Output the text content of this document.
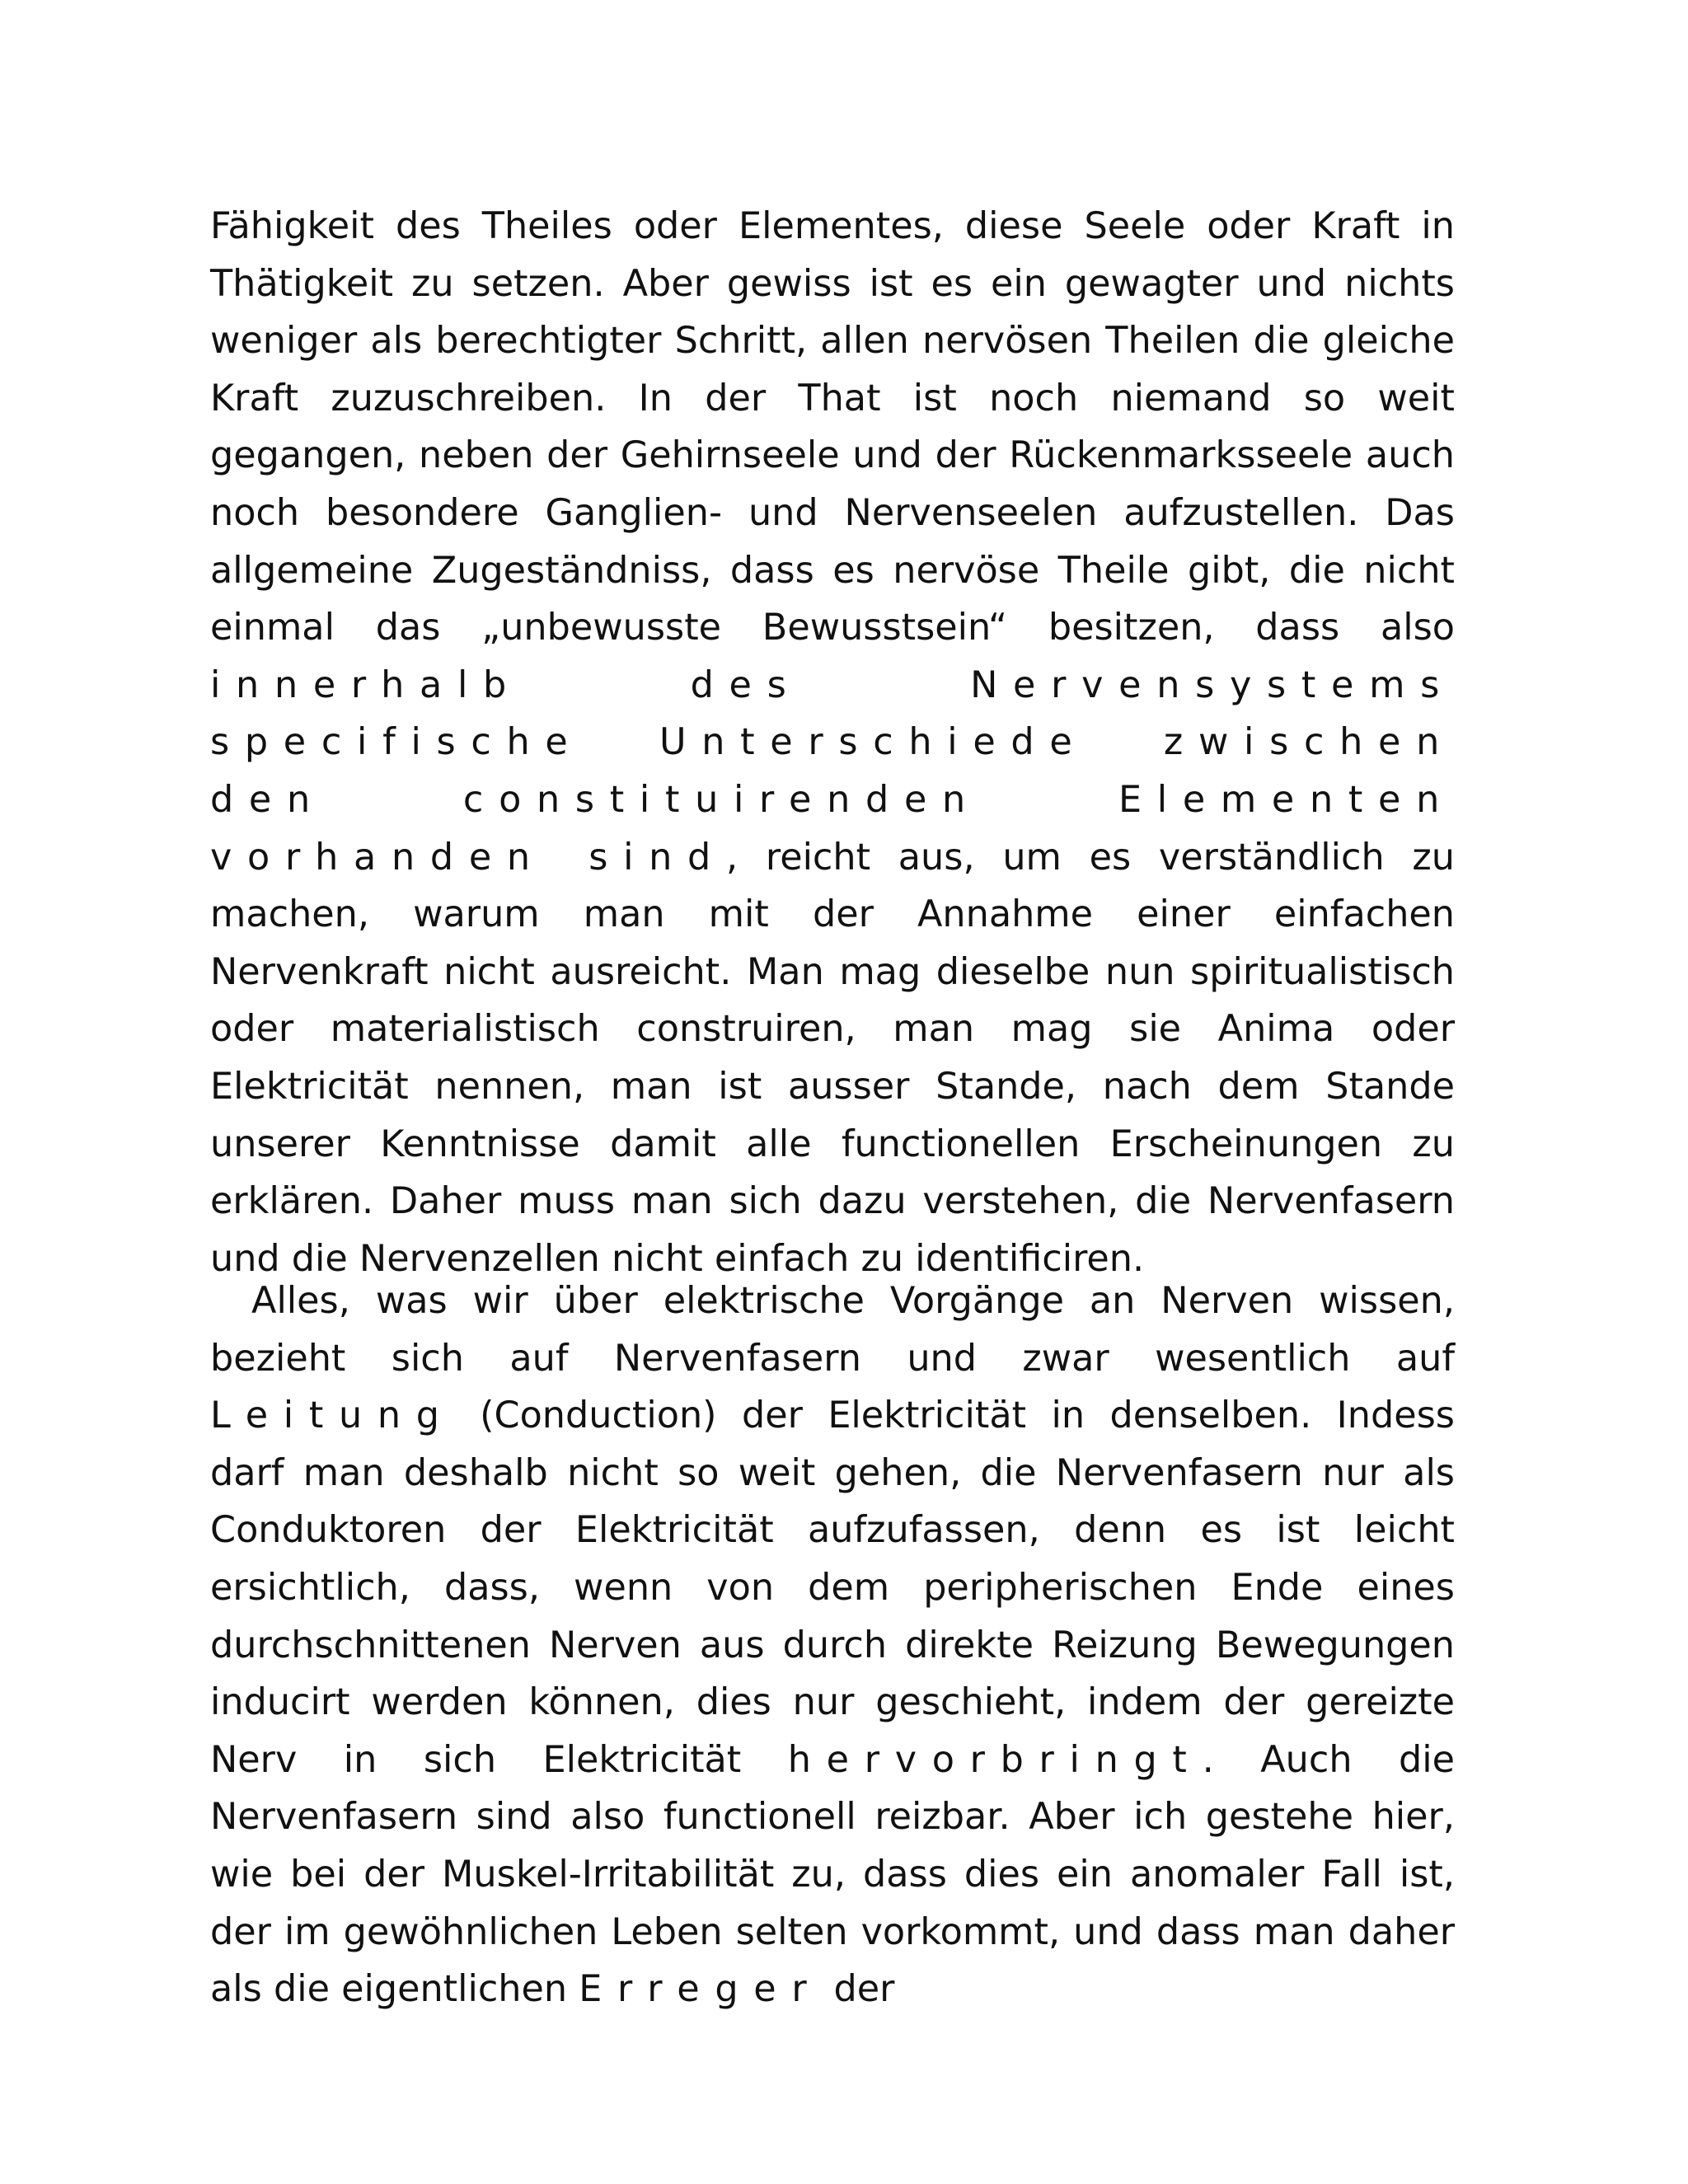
Fähigkeit des Theiles oder Elementes, diese Seele oder Kraft in Thätigkeit zu setzen. Aber gewiss ist es ein gewagter und nichts weniger als berechtigter Schritt, allen nervösen Theilen die gleiche Kraft zuzuschreiben. In der That ist noch niemand so weit gegangen, neben der Gehirnseele und der Rückenmarksseele auch noch besondere Ganglien- und Nervenseelen aufzustellen. Das allgemeine Zugeständniss, dass es nervöse Theile gibt, die nicht einmal das „unbewusste Bewusstsein“ besitzen, dass also innerhalb des Nervensystems specifische Unterschiede zwischen den constituirenden Elementen vorhanden sind, reicht aus, um es verständlich zu machen, warum man mit der Annahme einer einfachen Nervenkraft nicht ausreicht. Man mag dieselbe nun spiritualistisch oder materialistisch construiren, man mag sie Anima oder Elektricität nennen, man ist ausser Stande, nach dem Stande unserer Kenntnisse damit alle functionellen Erscheinungen zu erklären. Daher muss man sich dazu verstehen, die Nervenfasern und die Nervenzellen nicht einfach zu identificiren.
Alles, was wir über elektrische Vorgänge an Nerven wissen, bezieht sich auf Nervenfasern und zwar wesentlich auf Leitung (Conduction) der Elektricität in denselben. Indess darf man deshalb nicht so weit gehen, die Nervenfasern nur als Conduktoren der Elektricität aufzufassen, denn es ist leicht ersichtlich, dass, wenn von dem peripherischen Ende eines durchschnittenen Nerven aus durch direkte Reizung Bewegungen inducirt werden können, dies nur geschieht, indem der gereizte Nerv in sich Elektricität hervorbringt. Auch die Nervenfasern sind also functionell reizbar. Aber ich gestehe hier, wie bei der Muskel-Irritabilität zu, dass dies ein anomaler Fall ist, der im gewöhnlichen Leben selten vorkommt, und dass man daher als die eigentlichen Erreger der
